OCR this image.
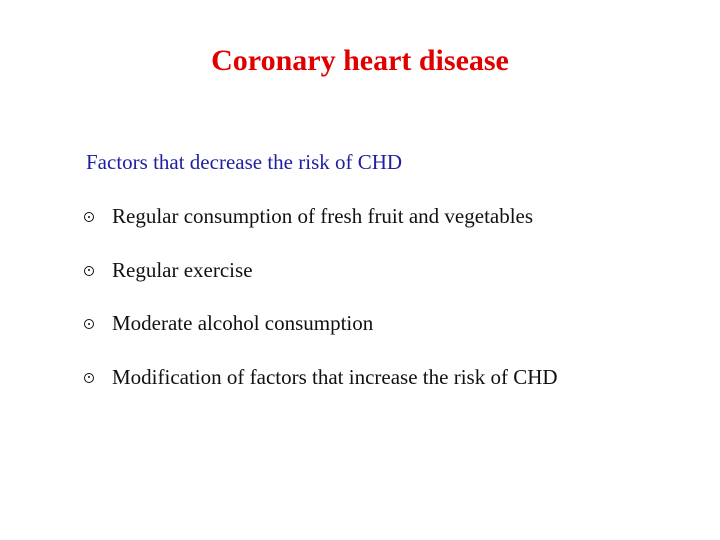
Coronary heart disease
Factors that decrease the risk of CHD
Regular consumption of fresh fruit and vegetables
Regular exercise
Moderate alcohol consumption
Modification of factors that increase the risk of CHD
